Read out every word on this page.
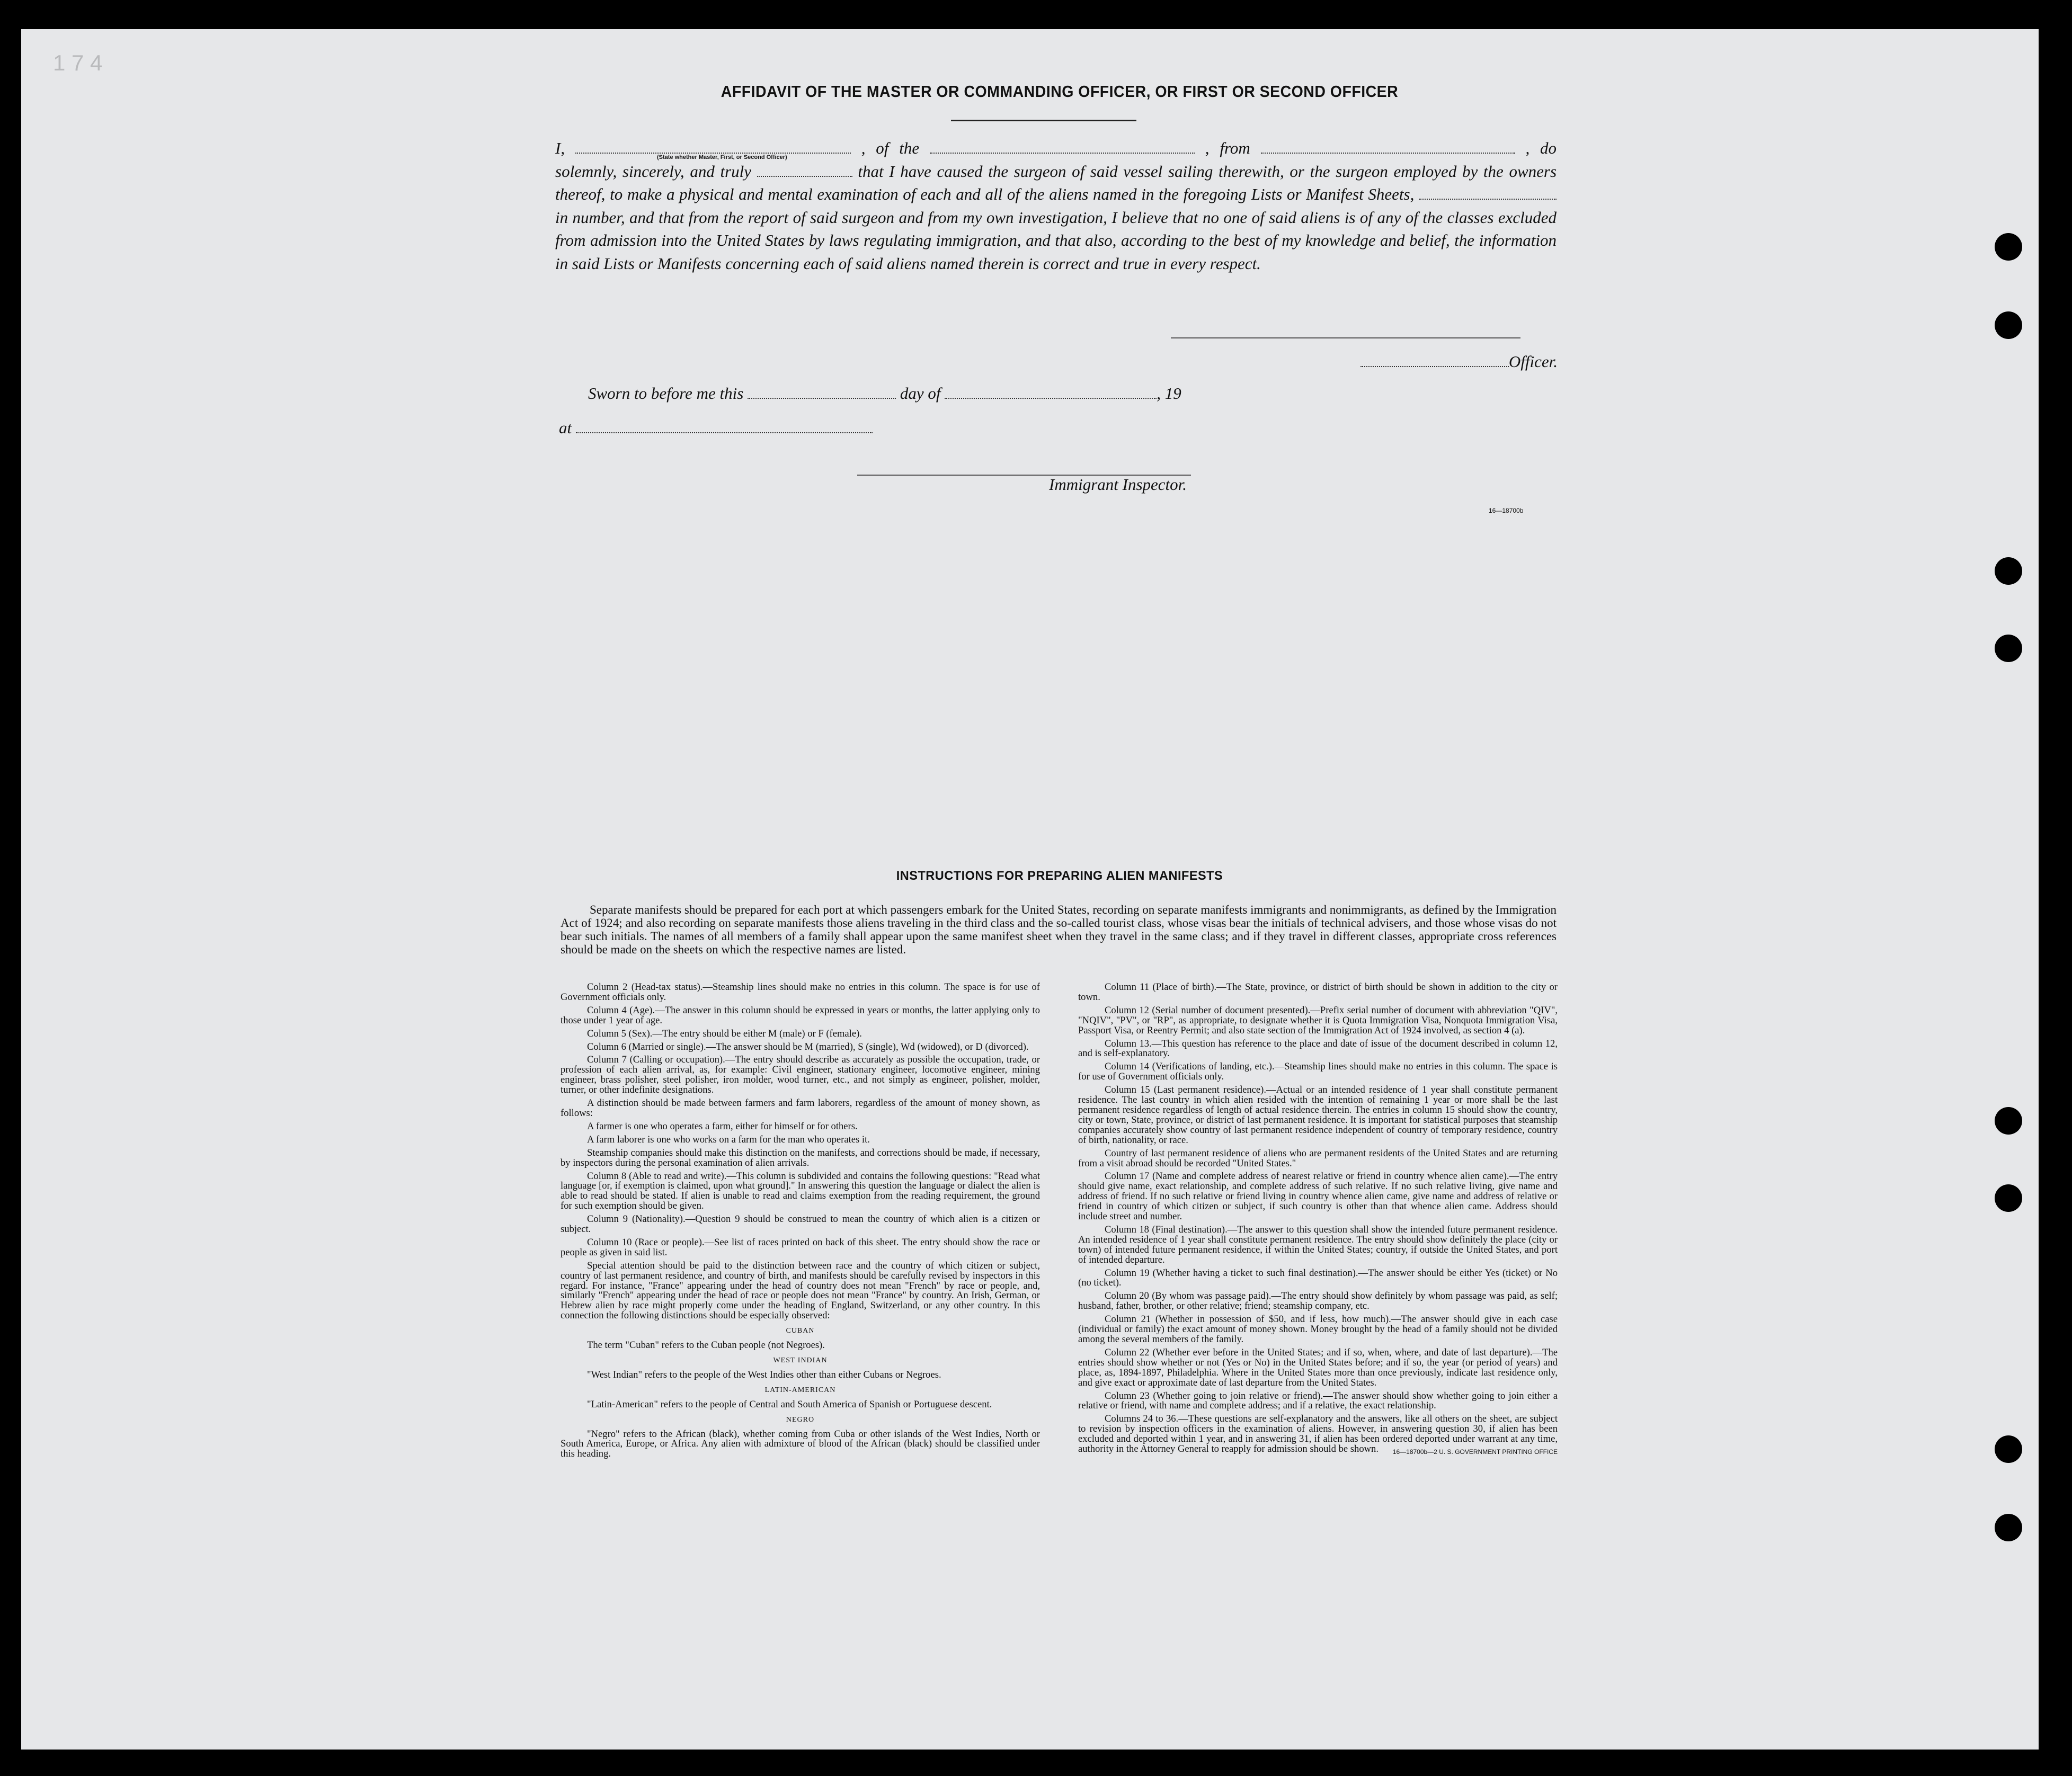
1 7 4
AFFIDAVIT OF THE MASTER OR COMMANDING OFFICER, OR FIRST OR SECOND OFFICER
I,	, of the	, from	, do solemnly, sincerely, and truly	that I have caused the surgeon of said vessel sailing therewith, or the surgeon employed by the owners thereof, to make a physical and mental examination of each and all of the aliens named in the foregoing Lists or Manifest Sheets,  in number, and that from the report of said surgeon and from my own investigation, I believe that no one of said aliens is of any of the classes excluded from admission into the United States by laws regulating immigration, and that also, according to the best of my knowledge and belief, the information in said Lists or Manifests concerning each of said aliens named therein is correct and true in every respect.
(State whether Master, First, or Second Officer)
Officer.
Sworn to before me this	day of	, 19
at
Immigrant Inspector.
16—18700b
INSTRUCTIONS FOR PREPARING ALIEN MANIFESTS
Separate manifests should be prepared for each port at which passengers embark for the United States, recording on separate manifests immigrants and nonimmigrants, as defined by the Immigration Act of 1924; and also recording on separate manifests those aliens traveling in the third class and the so-called tourist class, whose visas bear the initials of technical advisers, and those whose visas do not bear such initials. The names of all members of a family shall appear upon the same manifest sheet when they travel in the same class; and if they travel in different classes, appropriate cross references should be made on the sheets on which the respective names are listed.

Column 2 (Head-tax status).—Steamship lines should make no entries in this column. The space is for use of Government officials only.

Column 4 (Age).—The answer in this column should be expressed in years or months, the latter applying only to those under 1 year of age.

Column 5 (Sex).—The entry should be either M (male) or F (female).

Column 6 (Married or single).—The answer should be M (married), S (single), Wd (widowed), or D (divorced).

Column 7 (Calling or occupation).—The entry should describe as accurately as possible the occupation, trade, or profession of each alien arrival, as, for example: Civil engineer, stationary engineer, locomotive engineer, mining engineer, brass polisher, steel polisher, iron molder, wood turner, etc., and not simply as engineer, polisher, molder, turner, or other indefinite designations.

A distinction should be made between farmers and farm laborers, regardless of the amount of money shown, as follows:

A farmer is one who operates a farm, either for himself or for others.

A farm laborer is one who works on a farm for the man who operates it.

Steamship companies should make this distinction on the manifests, and corrections should be made, if necessary, by inspectors during the personal examination of alien arrivals.

Column 8 (Able to read and write).—This column is subdivided and contains the following questions: "Read what language [or, if exemption is claimed, upon what ground]." In answering this question the language or dialect the alien is able to read should be stated. If alien is unable to read and claims exemption from the reading requirement, the ground for such exemption should be given.

Column 9 (Nationality).—Question 9 should be construed to mean the country of which alien is a citizen or subject.

Column 10 (Race or people).—See list of races printed on back of this sheet. The entry should show the race or people as given in said list.

Special attention should be paid to the distinction between race and the country of which citizen or subject, country of last permanent residence, and country of birth, and manifests should be carefully revised by inspectors in this regard. For instance, "France" appearing under the head of country does not mean "French" by race or people, and, similarly "French" appearing under the head of race or people does not mean "France" by country. An Irish, German, or Hebrew alien by race might properly come under the heading of England, Switzerland, or any other country. In this connection the following distinctions should be especially observed:

CUBAN

The term "Cuban" refers to the Cuban people (not Negroes).

WEST INDIAN

"West Indian" refers to the people of the West Indies other than either Cubans or Negroes.

LATIN-AMERICAN

"Latin-American" refers to the people of Central and South America of Spanish or Portuguese descent.

NEGRO

"Negro" refers to the African (black), whether coming from Cuba or other islands of the West Indies, North or South America, Europe, or Africa. Any alien with admixture of blood of the African (black) should be classified under this heading.

Column 11 (Place of birth).—The State, province, or district of birth should be shown in addition to the city or town.

Column 12 (Serial number of document presented).—Prefix serial number of document with abbreviation "QIV", "NQIV", "PV", or "RP", as appropriate, to designate whether it is Quota Immigration Visa, Nonquota Immigration Visa, Passport Visa, or Reentry Permit; and also state section of the Immigration Act of 1924 involved, as section 4 (a).

Column 13.—This question has reference to the place and date of issue of the document described in column 12, and is self-explanatory.

Column 14 (Verifications of landing, etc.).—Steamship lines should make no entries in this column. The space is for use of Government officials only.

Column 15 (Last permanent residence).—Actual or an intended residence of 1 year shall constitute permanent residence. The last country in which alien resided with the intention of remaining 1 year or more shall be the last permanent residence regardless of length of actual residence therein. The entries in column 15 should show the country, city or town, State, province, or district of last permanent residence. It is important for statistical purposes that steamship companies accurately show country of last permanent residence independent of country of temporary residence, country of birth, nationality, or race.

Country of last permanent residence of aliens who are permanent residents of the United States and are returning from a visit abroad should be recorded "United States."

Column 17 (Name and complete address of nearest relative or friend in country whence alien came).—The entry should give name, exact relationship, and complete address of such relative. If no such relative living, give name and address of friend. If no such relative or friend living in country whence alien came, give name and address of relative or friend in country of which citizen or subject, if such country is other than that whence alien came. Address should include street and number.

Column 18 (Final destination).—The answer to this question shall show the intended future permanent residence. An intended residence of 1 year shall constitute permanent residence. The entry should show definitely the place (city or town) of intended future permanent residence, if within the United States; country, if outside the United States, and port of intended departure.

Column 19 (Whether having a ticket to such final destination).—The answer should be either Yes (ticket) or No (no ticket).

Column 20 (By whom was passage paid).—The entry should show definitely by whom passage was paid, as self; husband, father, brother, or other relative; friend; steamship company, etc.

Column 21 (Whether in possession of $50, and if less, how much).—The answer should give in each case (individual or family) the exact amount of money shown. Money brought by the head of a family should not be divided among the several members of the family.

Column 22 (Whether ever before in the United States; and if so, when, where, and date of last departure).—The entries should show whether or not (Yes or No) in the United States before; and if so, the year (or period of years) and place, as, 1894-1897, Philadelphia. Where in the United States more than once previously, indicate last residence only, and give exact or approximate date of last departure from the United States.

Column 23 (Whether going to join relative or friend).—The answer should show whether going to join either a relative or friend, with name and complete address; and if a relative, the exact relationship.

Columns 24 to 36.—These questions are self-explanatory and the answers, like all others on the sheet, are subject to revision by inspection officers in the examination of aliens. However, in answering question 30, if alien has been excluded and deported within 1 year, and in answering 31, if alien has been ordered deported under warrant at any time, authority in the Attorney General to reapply for admission should be shown.	16—18700b—2 U. S. GOVERNMENT PRINTING OFFICE
